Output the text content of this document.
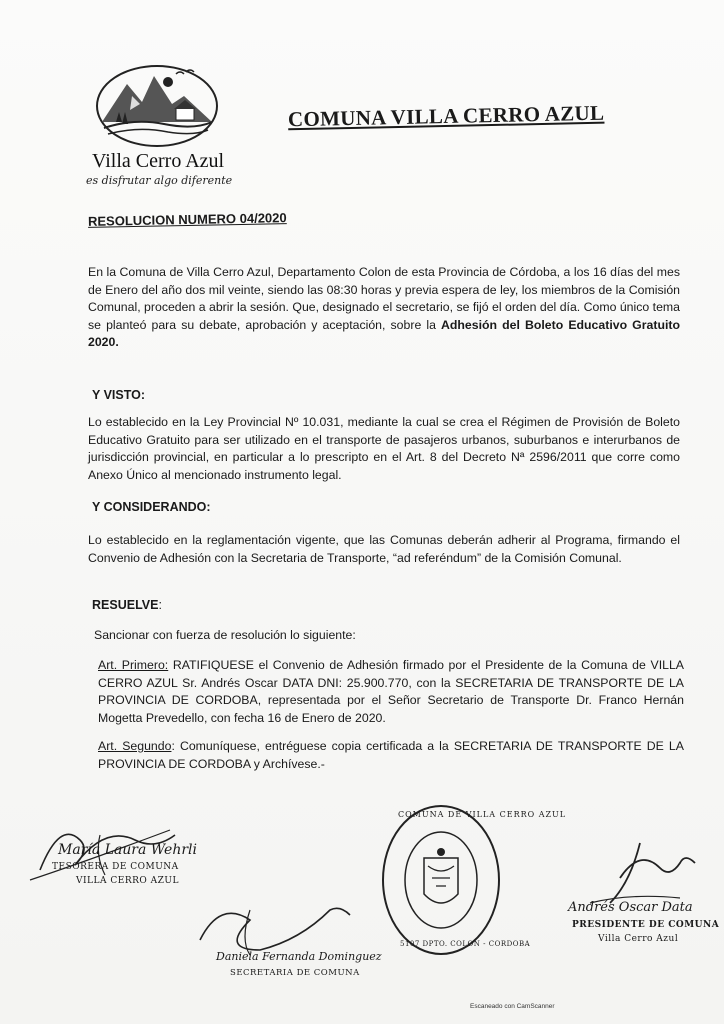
Villa Cerro Azul
es disfrutar algo diferente
COMUNA VILLA CERRO AZUL
RESOLUCION NUMERO 04/2020
En la Comuna de Villa Cerro Azul, Departamento Colon de esta Provincia de Córdoba, a los 16 días del mes de Enero del año dos mil veinte, siendo las 08:30 horas y previa espera de ley, los miembros de la Comisión Comunal, proceden a abrir la sesión. Que, designado el secretario, se fijó el orden del día. Como único tema se planteó para su debate, aprobación y aceptación, sobre la Adhesión del Boleto Educativo Gratuito 2020.
Y VISTO:
Lo establecido en la Ley Provincial Nº 10.031, mediante la cual se crea el Régimen de Provisión de Boleto Educativo Gratuito para ser utilizado en el transporte de pasajeros urbanos, suburbanos e interurbanos de jurisdicción provincial, en particular a lo prescripto en el Art. 8 del Decreto Nª 2596/2011 que corre como Anexo Único al mencionado instrumento legal.
Y CONSIDERANDO:
Lo establecido en la reglamentación vigente, que las Comunas deberán adherir al Programa, firmando el Convenio de Adhesión con la Secretaria de Transporte, “ad referéndum” de la Comisión Comunal.
RESUELVE:
Sancionar con fuerza de resolución lo siguiente:
Art. Primero: RATIFIQUESE el Convenio de Adhesión firmado por el Presidente de la Comuna de VILLA CERRO AZUL Sr. Andrés Oscar DATA DNI: 25.900.770, con la SECRETARIA DE TRANSPORTE DE LA PROVINCIA DE CORDOBA, representada por el Señor Secretario de Transporte Dr. Franco Hernán Mogetta Prevedello, con fecha 16 de Enero de 2020.
Art. Segundo: Comuníquese, entréguese copia certificada a la SECRETARIA DE TRANSPORTE DE LA PROVINCIA DE CORDOBA y Archívese.-
María Laura Wehrli
TESORERA DE COMUNA
VILLA CERRO AZUL
COMUNA DE VILLA CERRO AZUL
5107 DPTO. COLON - CORDOBA
Daniela Fernanda Dominguez
SECRETARIA DE COMUNA
Andrés Oscar Data
PRESIDENTE DE COMUNA
Villa Cerro Azul
Escaneado con CamScanner
